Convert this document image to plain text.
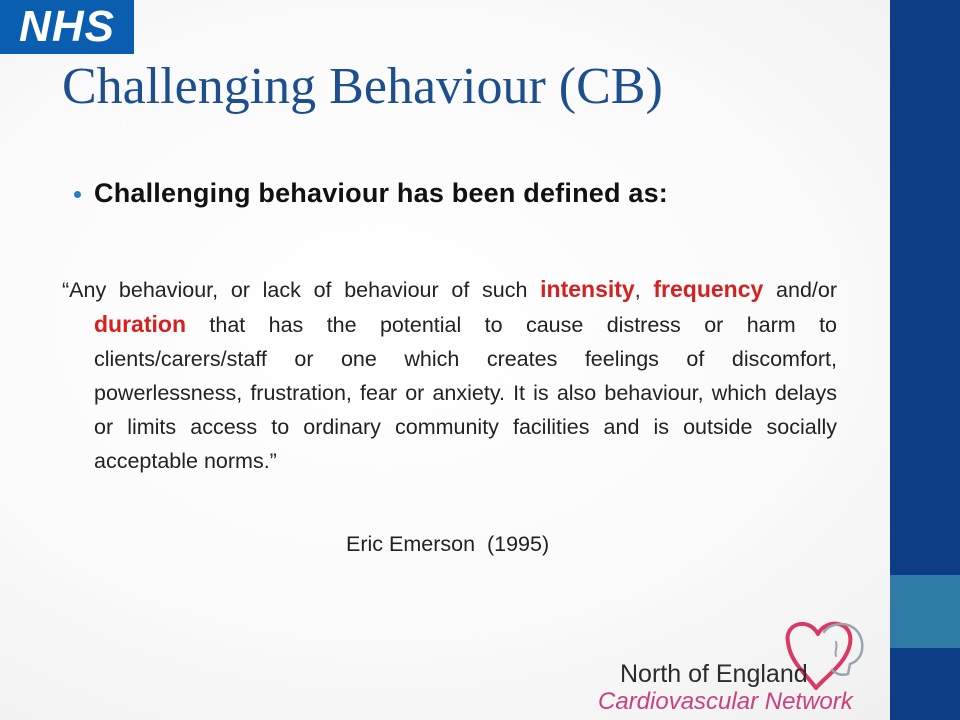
NHS
Challenging Behaviour (CB)
Challenging behaviour has been defined as:

“Any behaviour, or lack of behaviour of such intensity, frequency and/or duration that has the potential to cause distress or harm to clients/carers/staff or one which creates feelings of discomfort, powerlessness, frustration, fear or anxiety. It is also behaviour, which delays or limits access to ordinary community facilities and is outside socially acceptable norms.”

Eric Emerson  (1995)
North of England
Cardiovascular Network
